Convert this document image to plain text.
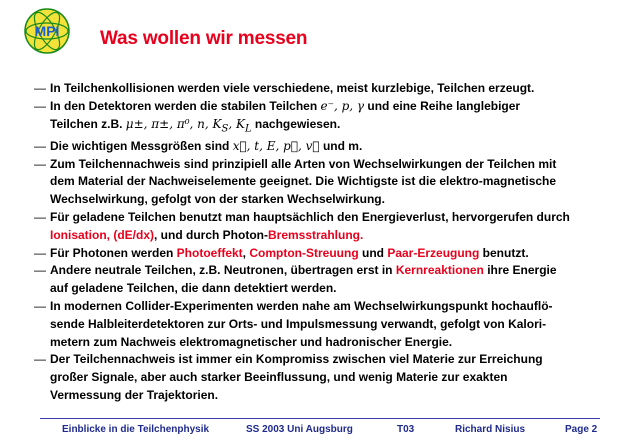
MPI Was wollen wir messen
— In Teilchenkollisionen werden viele verschiedene, meist kurzlebige, Teilchen erzeugt.
— In den Detektoren werden die stabilen Teilchen e⁻, p, γ und eine Reihe langlebiger
Teilchen z.B. μ±, π±, π⁰, n, $K_S$, $K_L$ nachgewiesen.
— Die wichtigen Messgrößen sind x⃗, t, E, p⃗, v⃗ und m.
— Zum Teilchennachweis sind prinzipiell alle Arten von Wechselwirkungen der Teilchen mit
dem Material der Nachweiselemente geeignet. Die Wichtigste ist die elektro-magnetische
Wechselwirkung, gefolgt von der starken Wechselwirkung.
— Für geladene Teilchen benutzt man hauptsächlich den Energieverlust, hervorgerufen durch
Ionisation, (dE/dx), und durch Photon-Bremsstrahlung.
— Für Photonen werden Photoeffekt, Compton-Streuung und Paar-Erzeugung benutzt.
— Andere neutrale Teilchen, z.B. Neutronen, übertragen erst in Kernreaktionen ihre Energie
auf geladene Teilchen, die dann detektiert werden.
— In modernen Collider-Experimenten werden nahe am Wechselwirkungspunkt hochauflö-
sende Halbleiterdetektoren zur Orts- und Impulsmessung verwandt, gefolgt von Kalori-
metern zum Nachweis elektromagnetischer und hadronischer Energie.
— Der Teilchennachweis ist immer ein Kompromiss zwischen viel Materie zur Erreichung
großer Signale, aber auch starker Beeinflussung, und wenig Materie zur exakten
Vermessung der Trajektorien.
Einblicke in die Teilchenphysik	SS 2003 Uni Augsburg	T03	Richard Nisius	Page 2
